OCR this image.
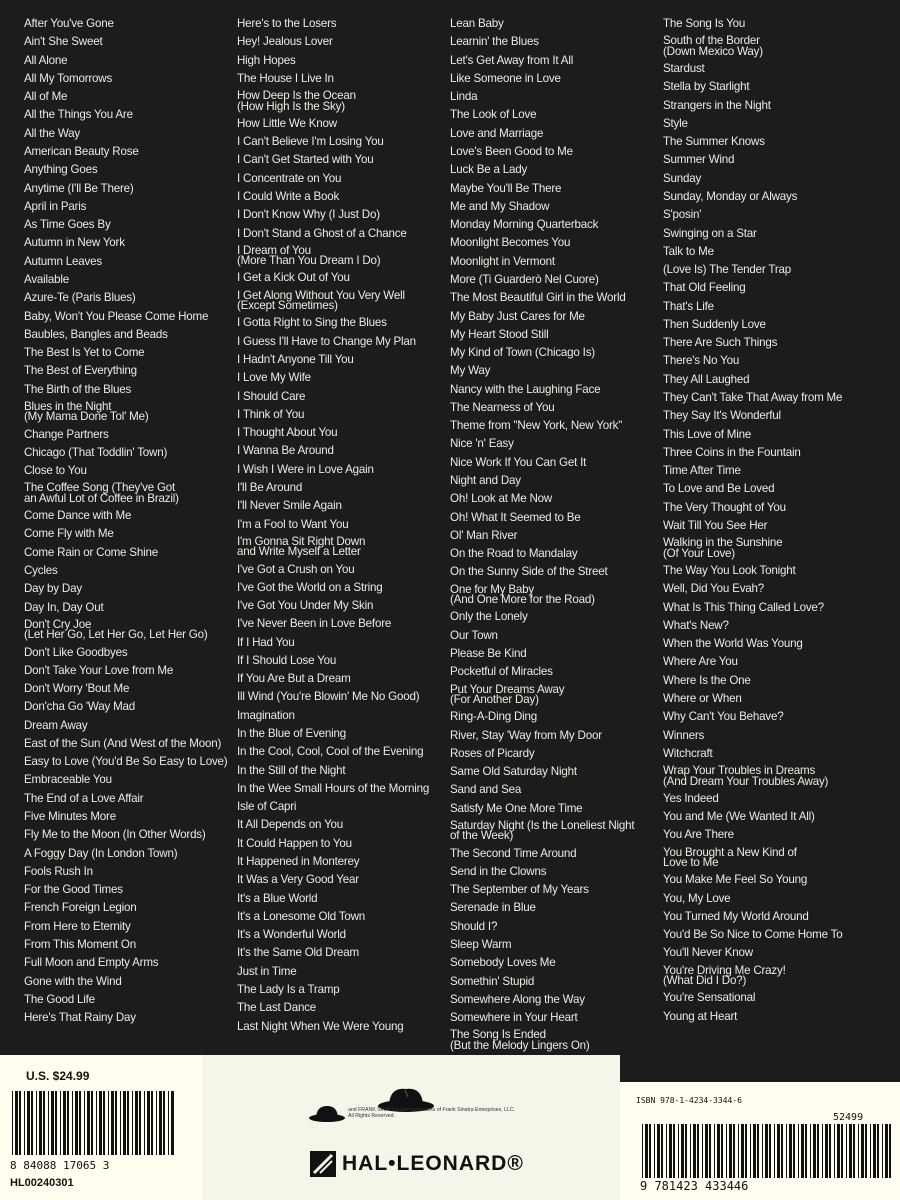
After You've Gone
Ain't She Sweet
All Alone
All My Tomorrows
All of Me
All the Things You Are
All the Way
American Beauty Rose
Anything Goes
Anytime (I'll Be There)
April in Paris
As Time Goes By
Autumn in New York
Autumn Leaves
Available
Azure-Te (Paris Blues)
Baby, Won't You Please Come Home
Baubles, Bangles and Beads
The Best Is Yet to Come
The Best of Everything
The Birth of the Blues
Blues in the Night
(My Mama Done Tol' Me)
Change Partners
Chicago (That Toddlin' Town)
Close to You
The Coffee Song (They've Got
an Awful Lot of Coffee in Brazil)
Come Dance with Me
Come Fly with Me
Come Rain or Come Shine
Cycles
Day by Day
Day In, Day Out
Don't Cry Joe
(Let Her Go, Let Her Go, Let Her Go)
Don't Like Goodbyes
Don't Take Your Love from Me
Don't Worry 'Bout Me
Don'cha Go 'Way Mad
Dream Away
East of the Sun (And West of the Moon)
Easy to Love (You'd Be So Easy to Love)
Embraceable You
The End of a Love Affair
Five Minutes More
Fly Me to the Moon (In Other Words)
A Foggy Day (In London Town)
Fools Rush In
For the Good Times
French Foreign Legion
From Here to Eternity
From This Moment On
Full Moon and Empty Arms
Gone with the Wind
The Good Life
Here's That Rainy Day
Here's to the Losers
Hey! Jealous Lover
High Hopes
The House I Live In
How Deep Is the Ocean
(How High Is the Sky)
How Little We Know
I Can't Believe I'm Losing You
I Can't Get Started with You
I Concentrate on You
I Could Write a Book
I Don't Know Why (I Just Do)
I Don't Stand a Ghost of a Chance
I Dream of You
(More Than You Dream I Do)
I Get a Kick Out of You
I Get Along Without You Very Well
(Except Sometimes)
I Gotta Right to Sing the Blues
I Guess I'll Have to Change My Plan
I Hadn't Anyone Till You
I Love My Wife
I Should Care
I Think of You
I Thought About You
I Wanna Be Around
I Wish I Were in Love Again
I'll Be Around
I'll Never Smile Again
I'm a Fool to Want You
I'm Gonna Sit Right Down
and Write Myself a Letter
I've Got a Crush on You
I've Got the World on a String
I've Got You Under My Skin
I've Never Been in Love Before
If I Had You
If I Should Lose You
If You Are But a Dream
Ill Wind (You're Blowin' Me No Good)
Imagination
In the Blue of Evening
In the Cool, Cool, Cool of the Evening
In the Still of the Night
In the Wee Small Hours of the Morning
Isle of Capri
It All Depends on You
It Could Happen to You
It Happened in Monterey
It Was a Very Good Year
It's a Blue World
It's a Lonesome Old Town
It's a Wonderful World
It's the Same Old Dream
Just in Time
The Lady Is a Tramp
The Last Dance
Last Night When We Were Young
Lean Baby
Learnin' the Blues
Let's Get Away from It All
Like Someone in Love
Linda
The Look of Love
Love and Marriage
Love's Been Good to Me
Luck Be a Lady
Maybe You'll Be There
Me and My Shadow
Monday Morning Quarterback
Moonlight Becomes You
Moonlight in Vermont
More (Ti Guarderò Nel Cuore)
The Most Beautiful Girl in the World
My Baby Just Cares for Me
My Heart Stood Still
My Kind of Town (Chicago Is)
My Way
Nancy with the Laughing Face
The Nearness of You
Theme from "New York, New York"
Nice 'n' Easy
Nice Work If You Can Get It
Night and Day
Oh! Look at Me Now
Oh! What It Seemed to Be
Ol' Man River
On the Road to Mandalay
On the Sunny Side of the Street
One for My Baby
(And One More for the Road)
Only the Lonely
Our Town
Please Be Kind
Pocketful of Miracles
Put Your Dreams Away
(For Another Day)
Ring-A-Ding Ding
River, Stay 'Way from My Door
Roses of Picardy
Same Old Saturday Night
Sand and Sea
Satisfy Me One More Time
Saturday Night (Is the Loneliest Night
of the Week)
The Second Time Around
Send in the Clowns
The September of My Years
Serenade in Blue
Should I?
Sleep Warm
Somebody Loves Me
Somethin' Stupid
Somewhere Along the Way
Somewhere in Your Heart
The Song Is Ended
(But the Melody Lingers On)
The Song Is You
South of the Border
(Down Mexico Way)
Stardust
Stella by Starlight
Strangers in the Night
Style
The Summer Knows
Summer Wind
Sunday
Sunday, Monday or Always
S'posin'
Swinging on a Star
Talk to Me
(Love Is) The Tender Trap
That Old Feeling
That's Life
Then Suddenly Love
There Are Such Things
There's No You
They All Laughed
They Can't Take That Away from Me
They Say It's Wonderful
This Love of Mine
Three Coins in the Fountain
Time After Time
To Love and Be Loved
The Very Thought of You
Wait Till You See Her
Walking in the Sunshine
(Of Your Love)
The Way You Look Tonight
Well, Did You Evah?
What Is This Thing Called Love?
What's New?
When the World Was Young
Where Are You
Where Is the One
Where or When
Why Can't You Behave?
Winners
Witchcraft
Wrap Your Troubles in Dreams
(And Dream Your Troubles Away)
Yes Indeed
You and Me (We Wanted It All)
You Are There
You Brought a New Kind of
Love to Me
You Make Me Feel So Young
You, My Love
You Turned My World Around
You'd Be So Nice to Come Home To
You'll Never Know
You're Driving Me Crazy!
(What Did I Do?)
You're Sensational
Young at Heart
U.S. $24.99
8 84088 17065 3
HL00240301
and FRANK SINATRA are trademarks of Frank Sinatra Enterprises, LLC. All Rights Reserved.
HAL•LEONARD®
ISBN 978-1-4234-3344-6
52499
9 781423 433446
